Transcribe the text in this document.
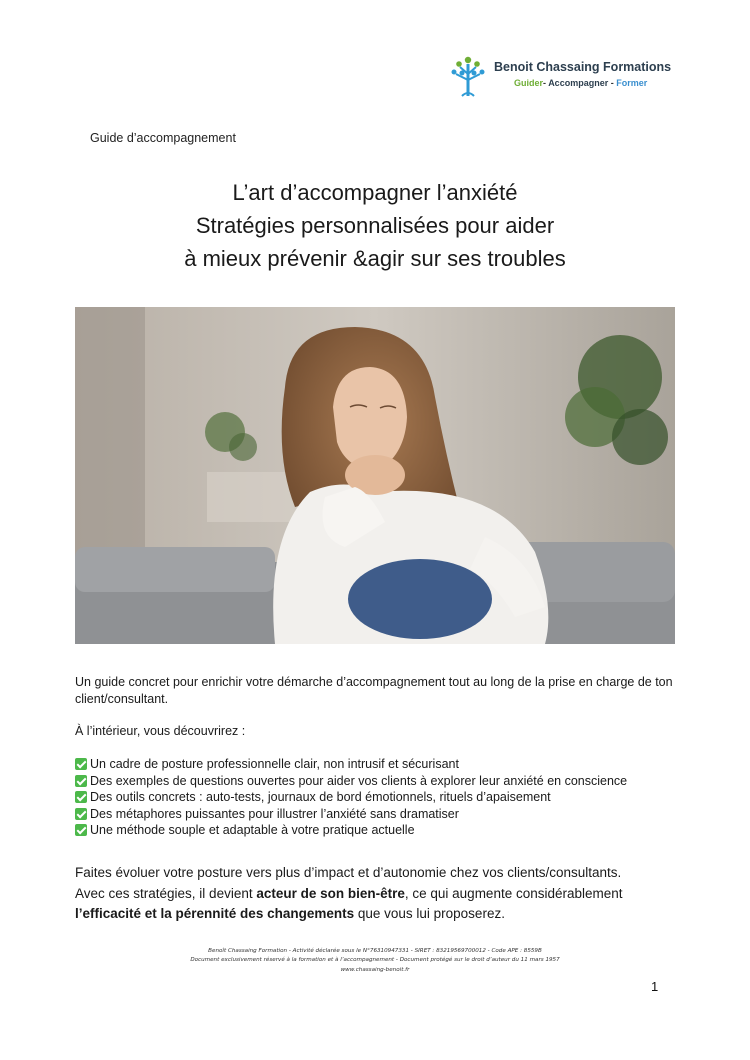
Benoit Chassaing Formations
Guider- Accompagner - Former
Guide d’accompagnement
L’art d’accompagner l’anxiété
Stratégies personnalisées pour aider
à mieux prévenir &agir sur ses troubles
Un guide concret pour enrichir votre démarche d’accompagnement tout au long de la prise en charge de ton client/consultant.
À l’intérieur, vous découvrirez :
Un cadre de posture professionnelle clair, non intrusif et sécurisant
Des exemples de questions ouvertes pour aider vos clients à explorer leur anxiété en conscience
Des outils concrets : auto-tests, journaux de bord émotionnels, rituels d’apaisement
Des métaphores puissantes pour illustrer l’anxiété sans dramatiser
Une méthode souple et adaptable à votre pratique actuelle
Faites évoluer votre posture vers plus d’impact et d’autonomie chez vos clients/consultants.
Avec ces stratégies, il devient acteur de son bien-être, ce qui augmente considérablement
l’efficacité et la pérennité des changements que vous lui proposerez.
Benoît Chassaing Formation - Activité déclarée sous le N°76310947331 - SIRET : 83219569700012 - Code APE : 8559B
Document exclusivement réservé à la formation et à l’accompagnement - Document protégé sur le droit d’auteur du 11 mars 1957
www.chassaing-benoit.fr
1
